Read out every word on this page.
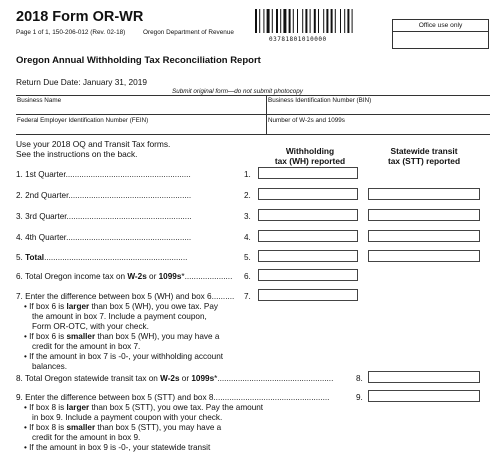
2018 Form OR-WR
Page 1 of 1, 150-206-012 (Rev. 02-18)	Oregon Department of Revenue
03781801010000
Office use only
Oregon Annual Withholding Tax Reconciliation Report
Return Due Date: January 31, 2019
Submit original form—do not submit photocopy
Business Name	Business Identification Number (BIN)
Federal Employer Identification Number (FEIN)	Number of W-2s and 1099s
Use your 2018 OQ and Transit Tax forms.
See the instructions on the back.	Withholding
tax (WH) reported
Statewide transit
tax (STT) reported
1. 1st Quarter.......................................................	1.
2. 2nd Quarter......................................................	2.
3. 3rd Quarter.......................................................	3.
4. 4th Quarter.......................................................	4.
5. Total...............................................................	5.
6. Total Oregon income tax on W-2s or 1099s*..................... 6.
7. Enter the difference between box 5 (WH) and box 6.......... 7.
• If box 6 is larger than box 5 (WH), you owe tax. Pay
the amount in box 7. Include a payment coupon,
Form OR-OTC, with your check.
• If box 6 is smaller than box 5 (WH), you may have a
credit for the amount in box 7.
• If the amount in box 7 is -0-, your withholding account
balances.
8. Total Oregon statewide transit tax on W-2s or 1099s*...................................................	8.
9. Enter the difference between box 5 (STT) and box 8...................................................	9.
• If box 8 is larger than box 5 (STT), you owe tax. Pay the amount
in box 9. Include a payment coupon with your check.
• If box 8 is smaller than box 5 (STT), you may have a
credit for the amount in box 9.
• If the amount in box 9 is -0-, your statewide transit
